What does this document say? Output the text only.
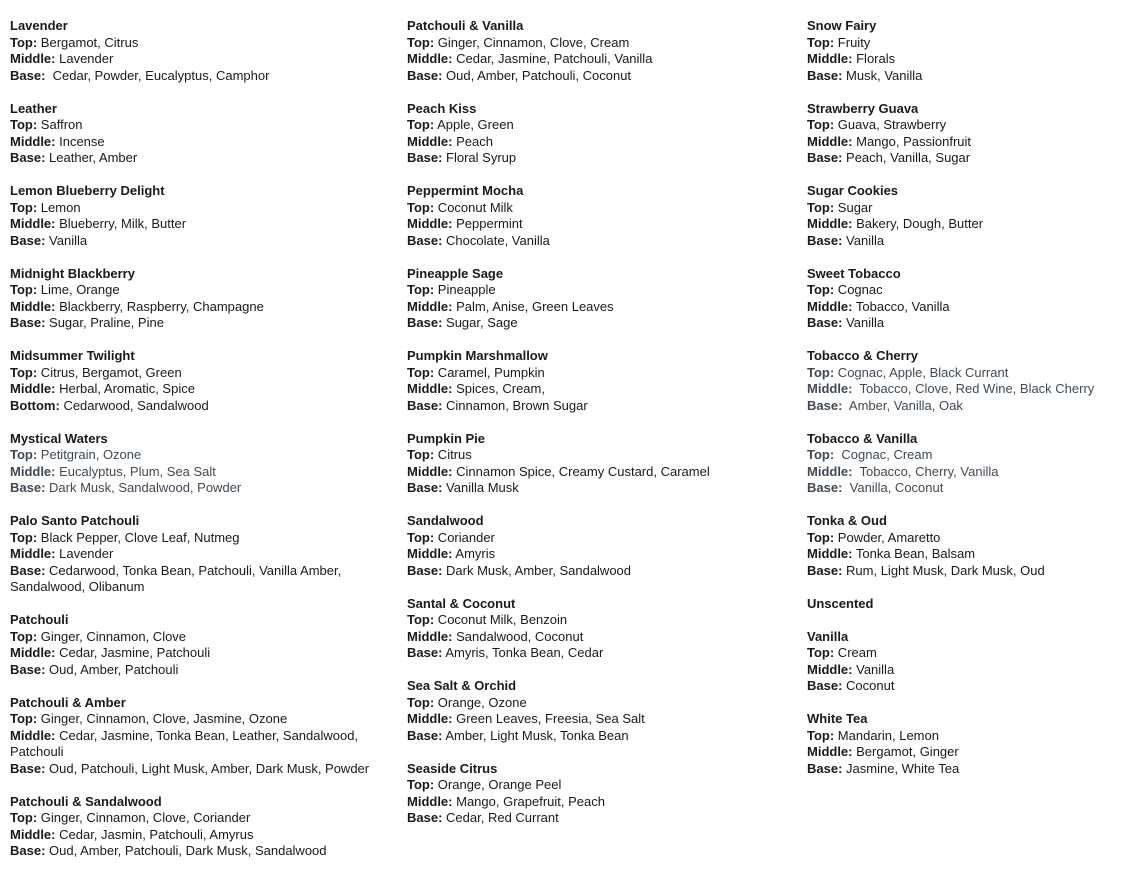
Lavender
Top: Bergamot, Citrus
Middle: Lavender
Base:  Cedar, Powder, Eucalyptus, Camphor
Leather
Top: Saffron
Middle: Incense
Base: Leather, Amber
Lemon Blueberry Delight
Top: Lemon
Middle: Blueberry, Milk, Butter
Base: Vanilla
Midnight Blackberry
Top: Lime, Orange
Middle: Blackberry, Raspberry, Champagne
Base: Sugar, Praline, Pine
Midsummer Twilight
Top: Citrus, Bergamot, Green
Middle: Herbal, Aromatic, Spice
Bottom: Cedarwood, Sandalwood
Mystical Waters
Top: Petitgrain, Ozone
Middle: Eucalyptus, Plum, Sea Salt
Base: Dark Musk, Sandalwood, Powder
Palo Santo Patchouli
Top: Black Pepper, Clove Leaf, Nutmeg
Middle: Lavender
Base: Cedarwood, Tonka Bean, Patchouli, Vanilla Amber, Sandalwood, Olibanum
Patchouli
Top: Ginger, Cinnamon, Clove
Middle: Cedar, Jasmine, Patchouli
Base: Oud, Amber, Patchouli
Patchouli & Amber
Top: Ginger, Cinnamon, Clove, Jasmine, Ozone
Middle: Cedar, Jasmine, Tonka Bean, Leather, Sandalwood, Patchouli
Base: Oud, Patchouli, Light Musk, Amber, Dark Musk, Powder
Patchouli & Sandalwood
Top: Ginger, Cinnamon, Clove, Coriander
Middle: Cedar, Jasmin, Patchouli, Amyrus
Base: Oud, Amber, Patchouli, Dark Musk, Sandalwood
Patchouli & Vanilla
Top: Ginger, Cinnamon, Clove, Cream
Middle: Cedar, Jasmine, Patchouli, Vanilla
Base: Oud, Amber, Patchouli, Coconut
Peach Kiss
Top: Apple, Green
Middle: Peach
Base: Floral Syrup
Peppermint Mocha
Top: Coconut Milk
Middle: Peppermint
Base: Chocolate, Vanilla
Pineapple Sage
Top: Pineapple
Middle: Palm, Anise, Green Leaves
Base: Sugar, Sage
Pumpkin Marshmallow
Top: Caramel, Pumpkin
Middle: Spices, Cream,
Base: Cinnamon, Brown Sugar
Pumpkin Pie
Top: Citrus
Middle: Cinnamon Spice, Creamy Custard, Caramel
Base: Vanilla Musk
Sandalwood
Top: Coriander
Middle: Amyris
Base: Dark Musk, Amber, Sandalwood
Santal & Coconut
Top: Coconut Milk, Benzoin
Middle: Sandalwood, Coconut
Base: Amyris, Tonka Bean, Cedar
Sea Salt & Orchid
Top: Orange, Ozone
Middle: Green Leaves, Freesia, Sea Salt
Base: Amber, Light Musk, Tonka Bean
Seaside Citrus
Top: Orange, Orange Peel
Middle: Mango, Grapefruit, Peach
Base: Cedar, Red Currant
Snow Fairy
Top: Fruity
Middle: Florals
Base: Musk, Vanilla
Strawberry Guava
Top: Guava, Strawberry
Middle: Mango, Passionfruit
Base: Peach, Vanilla, Sugar
Sugar Cookies
Top: Sugar
Middle: Bakery, Dough, Butter
Base: Vanilla
Sweet Tobacco
Top: Cognac
Middle: Tobacco, Vanilla
Base: Vanilla
Tobacco & Cherry
Top: Cognac, Apple, Black Currant
Middle:  Tobacco, Clove, Red Wine, Black Cherry
Base:  Amber, Vanilla, Oak
Tobacco & Vanilla
Top:  Cognac, Cream
Middle:  Tobacco, Cherry, Vanilla
Base:  Vanilla, Coconut
Tonka & Oud
Top: Powder, Amaretto
Middle: Tonka Bean, Balsam
Base: Rum, Light Musk, Dark Musk, Oud
Unscented
Vanilla
Top: Cream
Middle: Vanilla
Base: Coconut
White Tea
Top: Mandarin, Lemon
Middle: Bergamot, Ginger
Base: Jasmine, White Tea
